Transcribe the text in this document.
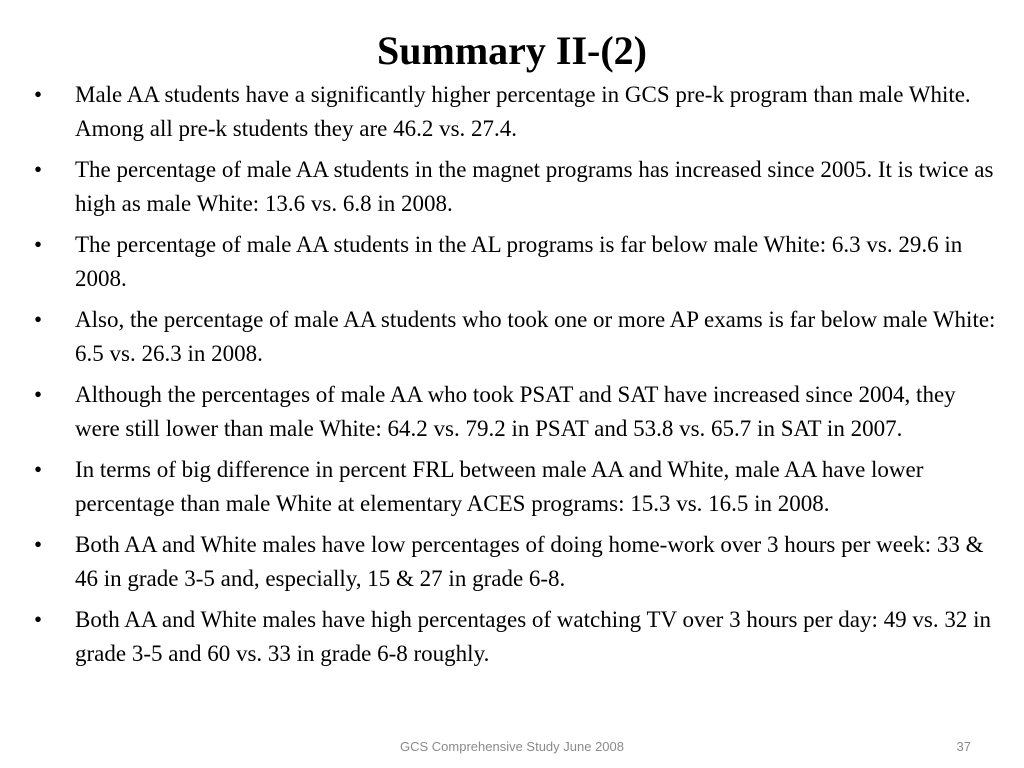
Summary II-(2)
• Male AA students have a significantly higher percentage in GCS pre-k program than male White. Among all pre-k students they are 46.2 vs. 27.4.
• The percentage of male AA students in the magnet programs has increased since 2005. It is twice as high as male White: 13.6 vs. 6.8 in 2008.
• The percentage of male AA students in the AL programs is far below male White: 6.3 vs. 29.6 in 2008.
• Also, the percentage of male AA students who took one or more AP exams is far below male White: 6.5 vs. 26.3 in 2008.
• Although the percentages of male AA who took PSAT and SAT have increased since 2004, they were still lower than male White: 64.2 vs. 79.2 in PSAT and 53.8 vs. 65.7 in SAT in 2007.
• In terms of big difference in percent FRL between male AA and White, male AA have lower percentage than male White at elementary ACES programs: 15.3 vs. 16.5 in 2008.
• Both AA and White males have low percentages of doing home-work over 3 hours per week: 33 & 46 in grade 3-5 and, especially, 15 & 27 in grade 6-8.
• Both AA and White males have high percentages of watching TV over 3 hours per day: 49 vs. 32 in grade 3-5 and 60 vs. 33 in grade 6-8 roughly.
GCS Comprehensive Study June 2008	37
